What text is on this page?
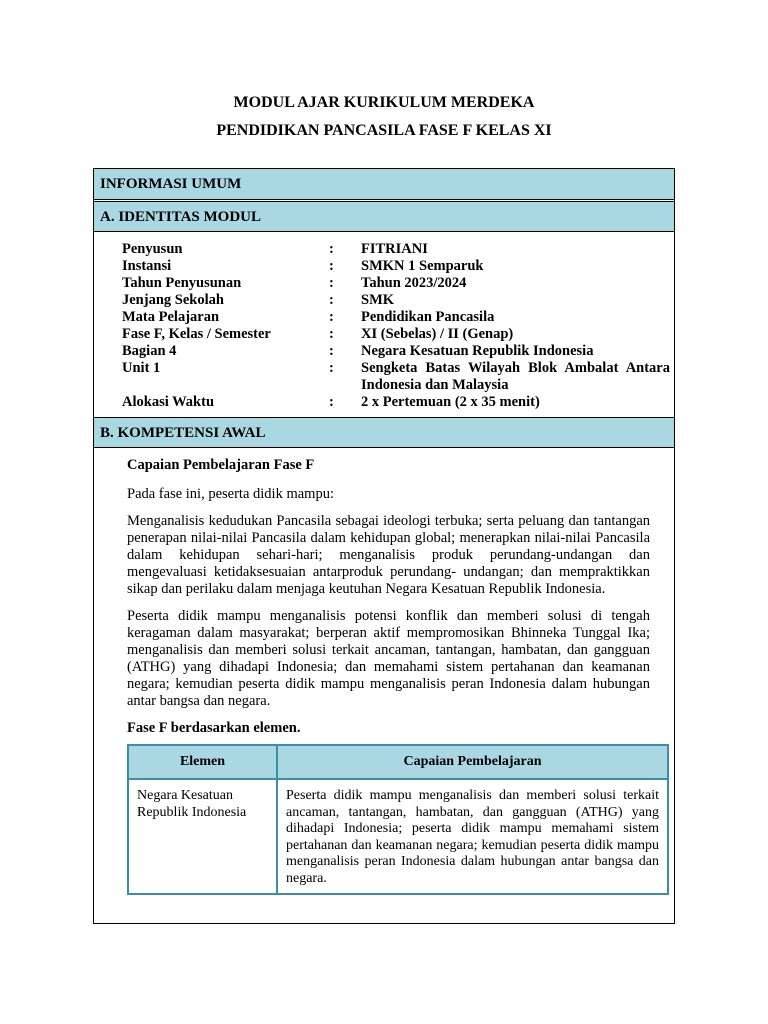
MODUL AJAR KURIKULUM MERDEKA
PENDIDIKAN PANCASILA FASE F KELAS XI
INFORMASI UMUM
A. IDENTITAS MODUL
Penyusun	:	FITRIANI
Instansi	:	SMKN 1 Semparuk
Tahun Penyusunan	:	Tahun 2023/2024
Jenjang Sekolah	:	SMK
Mata Pelajaran	:	Pendidikan Pancasila
Fase F, Kelas / Semester	:	XI (Sebelas) / II (Genap)
Bagian 4	:	Negara Kesatuan Republik Indonesia
Unit 1	:	Sengketa Batas Wilayah Blok Ambalat Antara Indonesia dan Malaysia
Alokasi Waktu	:	2 x Pertemuan (2 x 35 menit)
B. KOMPETENSI AWAL

Capaian Pembelajaran Fase F

Pada fase ini, peserta didik mampu:

Menganalisis kedudukan Pancasila sebagai ideologi terbuka; serta peluang dan tantangan penerapan nilai-nilai Pancasila dalam kehidupan global; menerapkan nilai-nilai Pancasila dalam kehidupan sehari-hari; menganalisis produk perundang-undangan dan mengevaluasi ketidaksesuaian antarproduk perundang- undangan; dan mempraktikkan sikap dan perilaku dalam menjaga keutuhan Negara Kesatuan Republik Indonesia.

Peserta didik mampu menganalisis potensi konflik dan memberi solusi di tengah keragaman dalam masyarakat; berperan aktif mempromosikan Bhinneka Tunggal Ika; menganalisis dan memberi solusi terkait ancaman, tantangan, hambatan, dan gangguan (ATHG) yang dihadapi Indonesia; dan memahami sistem pertahanan dan keamanan negara; kemudian peserta didik mampu menganalisis peran Indonesia dalam hubungan antar bangsa dan negara.

Fase F berdasarkan elemen.

Elemen	Capaian Pembelajaran
Negara Kesatuan Republik Indonesia	Peserta didik mampu menganalisis dan memberi solusi terkait ancaman, tantangan, hambatan, dan gangguan (ATHG) yang dihadapi Indonesia; peserta didik mampu memahami sistem pertahanan dan keamanan negara; kemudian peserta didik mampu menganalisis peran Indonesia dalam hubungan antar bangsa dan negara.
